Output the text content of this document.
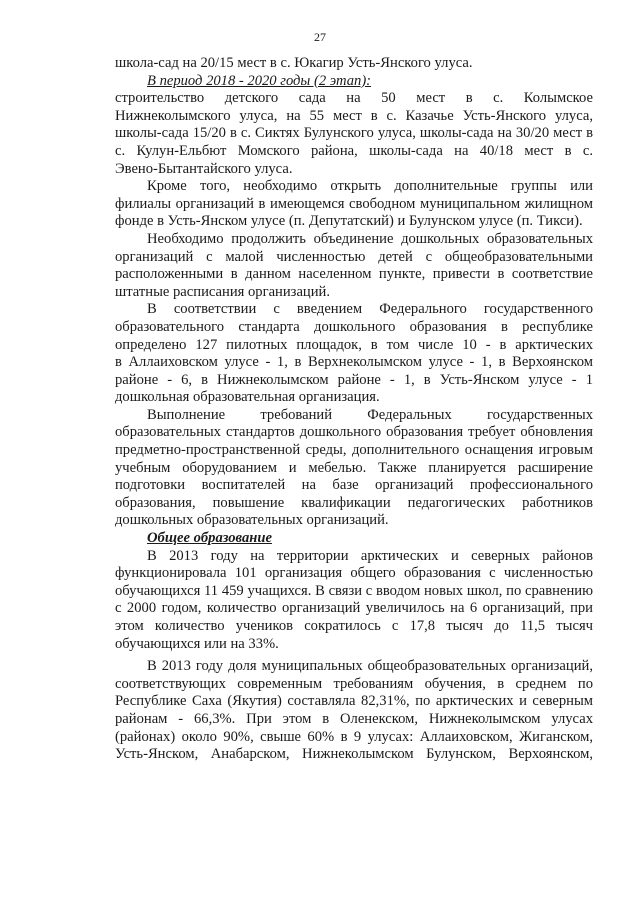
27
школа-сад на 20/15 мест в с. Юкагир Усть-Янского улуса.
В период 2018 - 2020 годы (2 этап):
строительство детского сада на 50 мест в с. Колымское
Нижнеколымского улуса, на 55 мест в с. Казачье Усть-Янского улуса,
школы-сада 15/20 в с. Сиктях Булунского улуса, школы-сада на 30/20 мест в
с. Кулун-Ельбют Момского района, школы-сада на 40/18 мест в с.
Эвено-Бытантайского улуса.
Кроме того, необходимо открыть дополнительные группы или
филиалы организаций в имеющемся свободном муниципальном жилищном
фонде в Усть-Янском улусе (п. Депутатский) и Булунском улусе (п. Тикси).
Необходимо продолжить объединение дошкольных образовательных
организаций с малой численностью детей с общеобразовательными
расположенными в данном населенном пункте, привести в соответствие
штатные расписания организаций.
В соответствии с введением Федерального государственного
образовательного стандарта дошкольного образования в республике
определено 127 пилотных площадок, в том числе 10 - в арктических
в Аллаиховском улусе - 1, в Верхнеколымском улусе - 1, в Верхоянском
районе - 6, в Нижнеколымском районе - 1, в Усть-Янском улусе - 1
дошкольная образовательная организация.
Выполнение требований Федеральных государственных
образовательных стандартов дошкольного образования требует обновления
предметно-пространственной среды, дополнительного оснащения игровым
учебным оборудованием и мебелью. Также планируется расширение
подготовки воспитателей на базе организаций профессионального
образования, повышение квалификации педагогических работников
дошкольных образовательных организаций.
Общее образование
В 2013 году на территории арктических и северных районов
функционировала 101 организация общего образования с численностью
обучающихся 11 459 учащихся. В связи с вводом новых школ, по сравнению
с 2000 годом, количество организаций увеличилось на 6 организаций, при
этом количество учеников сократилось с 17,8 тысяч до 11,5 тысяч
обучающихся или на 33%.
В 2013 году доля муниципальных общеобразовательных организаций,
соответствующих современным требованиям обучения, в среднем по
Республике Саха (Якутия) составляла 82,31%, по арктических и северным
районам - 66,3%. При этом в Оленекском, Нижнеколымском улусах
(районах) около 90%, свыше 60% в 9 улусах: Аллаиховском, Жиганском,
Усть-Янском, Анабарском, Нижнеколымском Булунском, Верхоянском,
